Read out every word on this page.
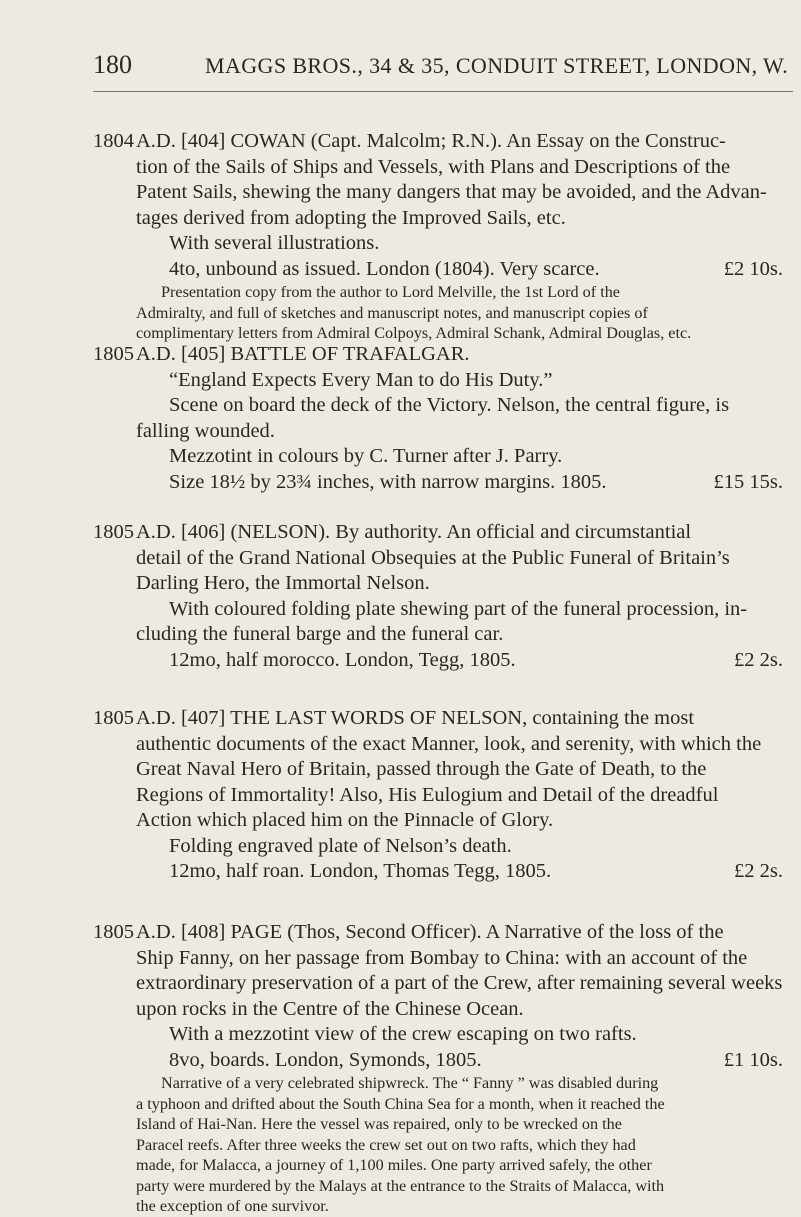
180	MAGGS BROS., 34 & 35, CONDUIT STREET, LONDON, W.
1804 A.D. [404] COWAN (Capt. Malcolm; R.N.). An Essay on the Construc-
tion of the Sails of Ships and Vessels, with Plans and Descriptions of the
Patent Sails, shewing the many dangers that may be avoided, and the Advan-
tages derived from adopting the Improved Sails, etc.
With several illustrations.
4to, unbound as issued. London (1804). Very scarce.	£2 10s.
Presentation copy from the author to Lord Melville, the 1st Lord of the
Admiralty, and full of sketches and manuscript notes, and manuscript copies of
complimentary letters from Admiral Colpoys, Admiral Schank, Admiral Douglas, etc.
1805 A.D. [405] BATTLE OF TRAFALGAR.
“England Expects Every Man to do His Duty.”
Scene on board the deck of the Victory. Nelson, the central figure, is
falling wounded.
Mezzotint in colours by C. Turner after J. Parry.
Size 18½ by 23¾ inches, with narrow margins. 1805.	£15 15s.
1805 A.D. [406] (NELSON). By authority. An official and circumstantial
detail of the Grand National Obsequies at the Public Funeral of Britain’s
Darling Hero, the Immortal Nelson.
With coloured folding plate shewing part of the funeral procession, in-
cluding the funeral barge and the funeral car.
12mo, half morocco. London, Tegg, 1805.	£2 2s.
1805 A.D. [407] THE LAST WORDS OF NELSON, containing the most
authentic documents of the exact Manner, look, and serenity, with which the
Great Naval Hero of Britain, passed through the Gate of Death, to the
Regions of Immortality! Also, His Eulogium and Detail of the dreadful
Action which placed him on the Pinnacle of Glory.
Folding engraved plate of Nelson’s death.
12mo, half roan. London, Thomas Tegg, 1805.	£2 2s.
1805 A.D. [408] PAGE (Thos, Second Officer). A Narrative of the loss of the
Ship Fanny, on her passage from Bombay to China: with an account of the
extraordinary preservation of a part of the Crew, after remaining several weeks
upon rocks in the Centre of the Chinese Ocean.
With a mezzotint view of the crew escaping on two rafts.
8vo, boards. London, Symonds, 1805.	£1 10s.
Narrative of a very celebrated shipwreck. The “ Fanny ” was disabled during
a typhoon and drifted about the South China Sea for a month, when it reached the
Island of Hai-Nan. Here the vessel was repaired, only to be wrecked on the
Paracel reefs. After three weeks the crew set out on two rafts, which they had
made, for Malacca, a journey of 1,100 miles. One party arrived safely, the other
party were murdered by the Malays at the entrance to the Straits of Malacca, with
the exception of one survivor.
